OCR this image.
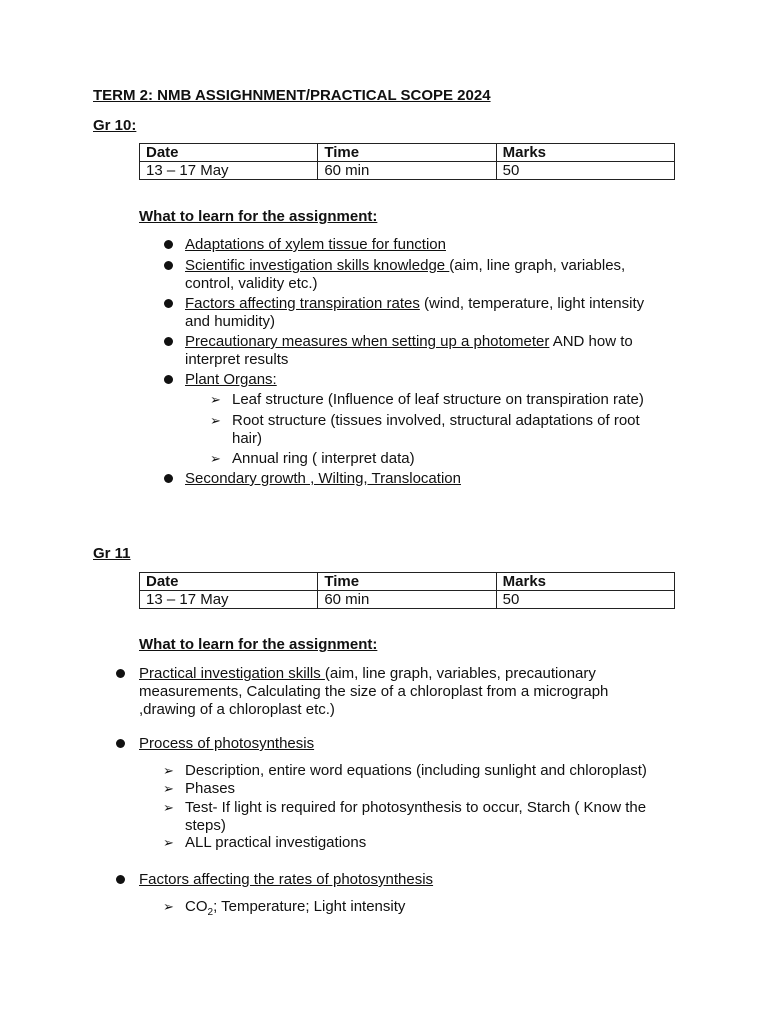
TERM 2: NMB ASSIGHNMENT/PRACTICAL SCOPE 2024
Gr 10:
Date	Time	Marks
13 – 17 May	60 min	50
What to learn for the assignment:
Adaptations of xylem tissue for function
Scientific investigation skills knowledge (aim, line graph, variables, control, validity etc.)
Factors affecting transpiration rates (wind, temperature, light intensity and humidity)
Precautionary measures when setting up a photometer AND how to interpret results
Plant Organs:
➢ Leaf structure (Influence of leaf structure on transpiration rate)
➢ Root structure (tissues involved, structural adaptations of root hair)
➢ Annual ring ( interpret data)
Secondary growth , Wilting, Translocation
Gr 11
Date	Time	Marks
13 – 17 May	60 min	50
What to learn for the assignment:
Practical investigation skills (aim, line graph, variables, precautionary measurements, Calculating the size of a chloroplast from a micrograph ,drawing of a chloroplast etc.)
Process of photosynthesis
➢ Description, entire word equations (including sunlight and chloroplast)
➢ Phases
➢ Test- If light is required for photosynthesis to occur, Starch ( Know the steps)
➢ ALL practical investigations
Factors affecting the rates of photosynthesis
➢ $CO_2$; Temperature; Light intensity
